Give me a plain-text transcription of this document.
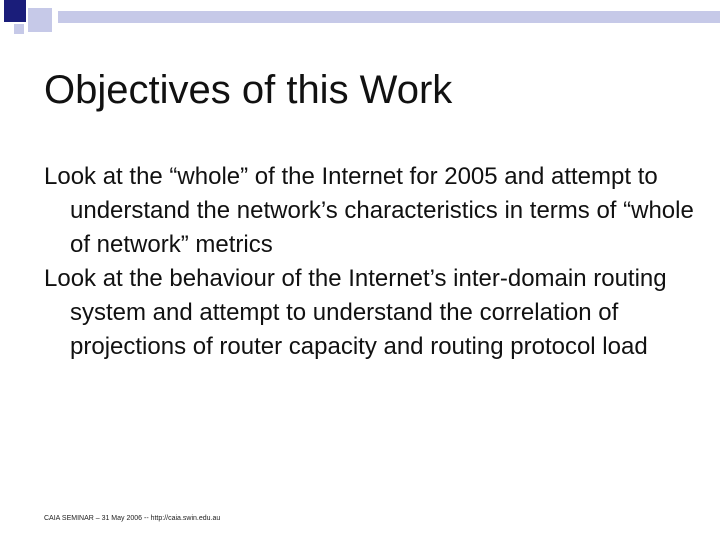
Objectives of this Work

Look at the “whole” of the Internet for 2005 and attempt to understand the network’s characteristics in terms of “whole of network” metrics

Look at the behaviour of the Internet’s inter-domain routing system and attempt to understand the correlation of projections of router capacity and routing protocol load

CAIA SEMINAR – 31 May 2006 -- http://caia.swin.edu.au
